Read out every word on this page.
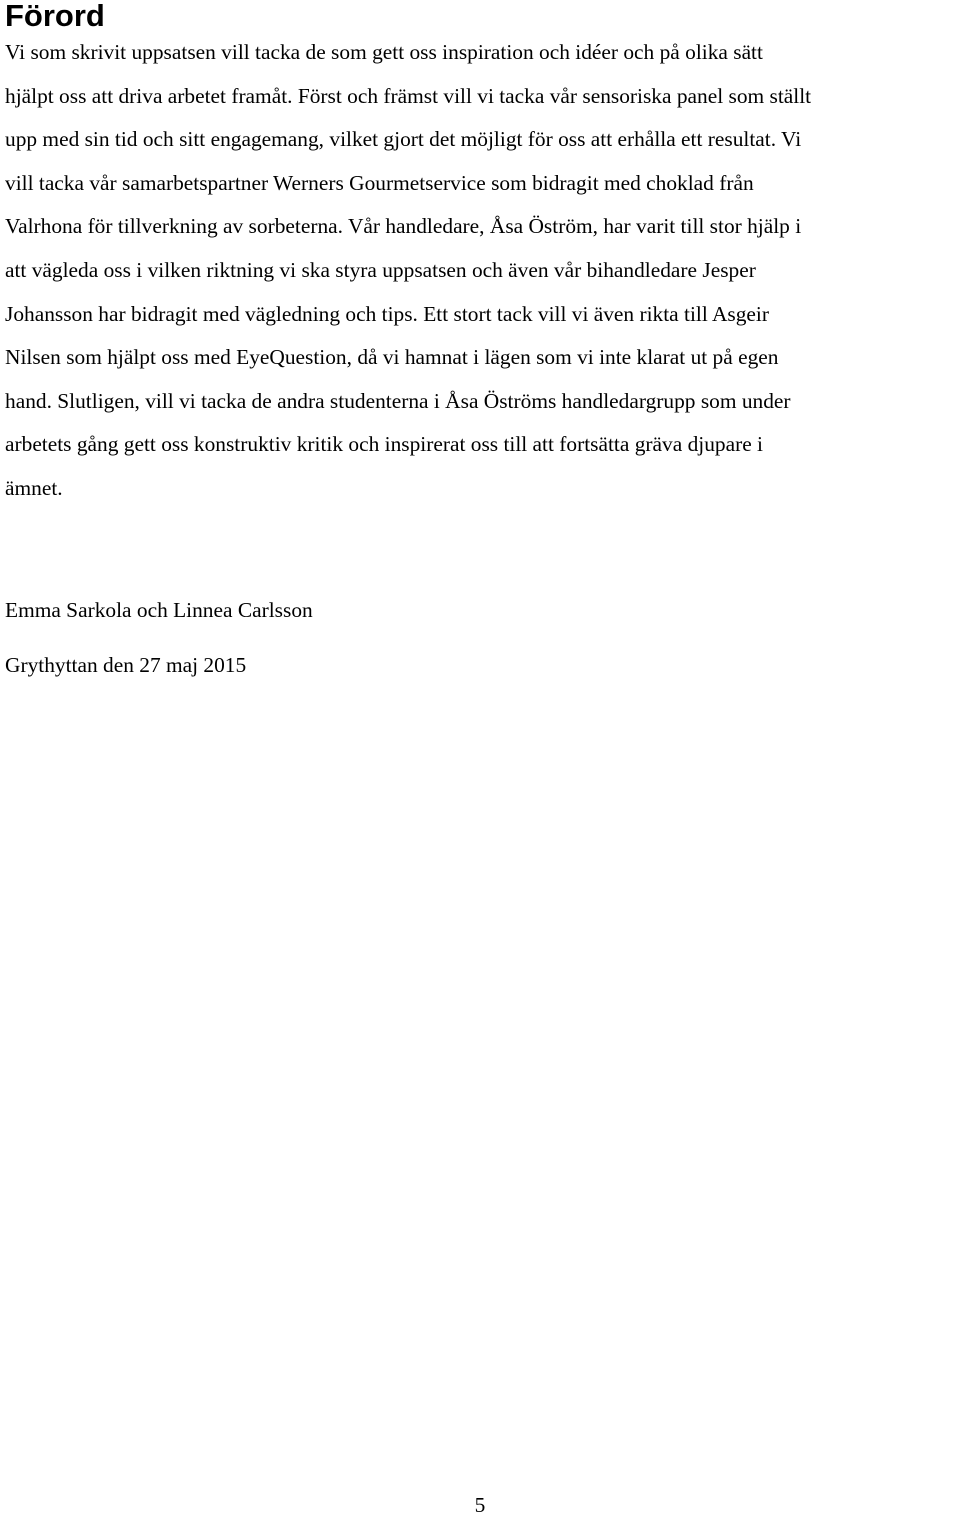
Förord

Vi som skrivit uppsatsen vill tacka de som gett oss inspiration och idéer och på olika sätt
hjälpt oss att driva arbetet framåt. Först och främst vill vi tacka vår sensoriska panel som ställt
upp med sin tid och sitt engagemang, vilket gjort det möjligt för oss att erhålla ett resultat. Vi
vill tacka vår samarbetspartner Werners Gourmetservice som bidragit med choklad från
Valrhona för tillverkning av sorbeterna. Vår handledare, Åsa Öström, har varit till stor hjälp i
att vägleda oss i vilken riktning vi ska styra uppsatsen och även vår bihandledare Jesper
Johansson har bidragit med vägledning och tips. Ett stort tack vill vi även rikta till Asgeir
Nilsen som hjälpt oss med EyeQuestion, då vi hamnat i lägen som vi inte klarat ut på egen
hand. Slutligen, vill vi tacka de andra studenterna i Åsa Öströms handledargrupp som under
arbetets gång gett oss konstruktiv kritik och inspirerat oss till att fortsätta gräva djupare i
ämnet.

Emma Sarkola och Linnea Carlsson

Grythyttan den 27 maj 2015

5
